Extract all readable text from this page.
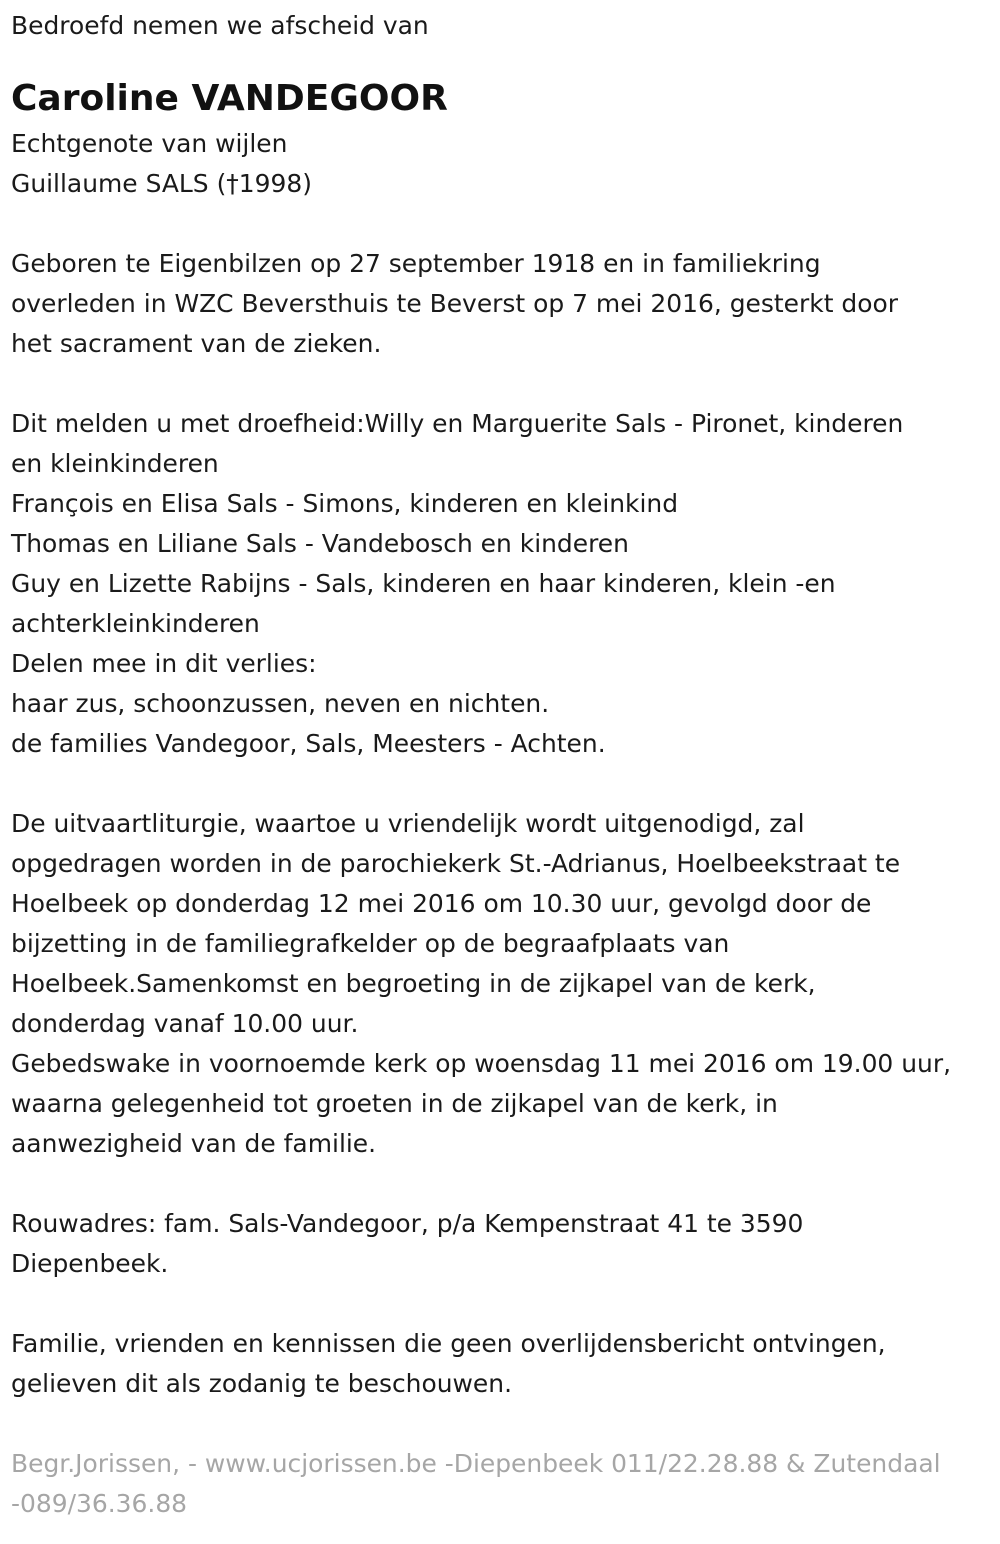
Bedroefd nemen we afscheid van
Caroline VANDEGOOR
Echtgenote van wijlen
Guillaume SALS (†1998)
Geboren te Eigenbilzen op 27 september 1918 en in familiekring
overleden in WZC Beversthuis te Beverst op 7 mei 2016, gesterkt door
het sacrament van de zieken.
Dit melden u met droefheid:Willy en Marguerite Sals - Pironet, kinderen
en kleinkinderen
François en Elisa Sals - Simons, kinderen en kleinkind
Thomas en Liliane Sals - Vandebosch en kinderen
Guy en Lizette Rabijns - Sals, kinderen en haar kinderen, klein -en
achterkleinkinderen
Delen mee in dit verlies:
haar zus, schoonzussen, neven en nichten.
de families Vandegoor, Sals, Meesters - Achten.
De uitvaartliturgie, waartoe u vriendelijk wordt uitgenodigd, zal
opgedragen worden in de parochiekerk St.-Adrianus, Hoelbeekstraat te
Hoelbeek op donderdag 12 mei 2016 om 10.30 uur, gevolgd door de
bijzetting in de familiegrafkelder op de begraafplaats van
Hoelbeek.Samenkomst en begroeting in de zijkapel van de kerk,
donderdag vanaf 10.00 uur.
Gebedswake in voornoemde kerk op woensdag 11 mei 2016 om 19.00 uur,
waarna gelegenheid tot groeten in de zijkapel van de kerk, in
aanwezigheid van de familie.
Rouwadres: fam. Sals-Vandegoor, p/a Kempenstraat 41 te 3590
Diepenbeek.
Familie, vrienden en kennissen die geen overlijdensbericht ontvingen,
gelieven dit als zodanig te beschouwen.
Begr.Jorissen, - www.ucjorissen.be -Diepenbeek 011/22.28.88 & Zutendaal
-089/36.36.88
